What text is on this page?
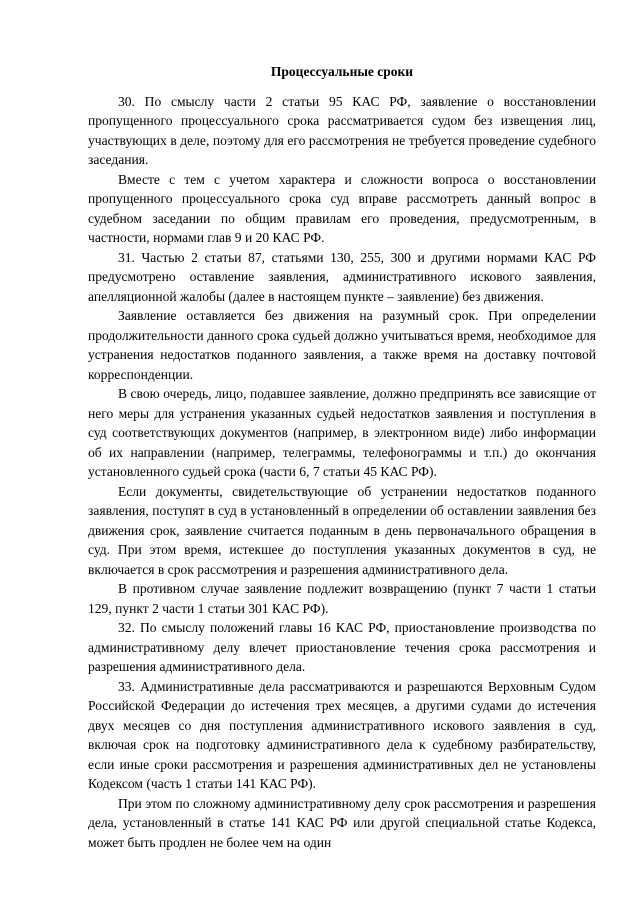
Процессуальные сроки

30. По смыслу части 2 статьи 95 КАС РФ, заявление о восстановлении пропущенного процессуального срока рассматривается судом без извещения лиц, участвующих в деле, поэтому для его рассмотрения не требуется проведение судебного заседания.

Вместе с тем с учетом характера и сложности вопроса о восстановлении пропущенного процессуального срока суд вправе рассмотреть данный вопрос в судебном заседании по общим правилам его проведения, предусмотренным, в частности, нормами глав 9 и 20 КАС РФ.

31. Частью 2 статьи 87, статьями 130, 255, 300 и другими нормами КАС РФ предусмотрено оставление заявления, административного искового заявления, апелляционной жалобы (далее в настоящем пункте – заявление) без движения.

Заявление оставляется без движения на разумный срок. При определении продолжительности данного срока судьей должно учитываться время, необходимое для устранения недостатков поданного заявления, а также время на доставку почтовой корреспонденции.

В свою очередь, лицо, подавшее заявление, должно предпринять все зависящие от него меры для устранения указанных судьей недостатков заявления и поступления в суд соответствующих документов (например, в электронном виде) либо информации об их направлении (например, телеграммы, телефонограммы и т.п.) до окончания установленного судьей срока (части 6, 7 статьи 45 КАС РФ).

Если документы, свидетельствующие об устранении недостатков поданного заявления, поступят в суд в установленный в определении об оставлении заявления без движения срок, заявление считается поданным в день первоначального обращения в суд. При этом время, истекшее до поступления указанных документов в суд, не включается в срок рассмотрения и разрешения административного дела.

В противном случае заявление подлежит возвращению (пункт 7 части 1 статьи 129, пункт 2 части 1 статьи 301 КАС РФ).

32. По смыслу положений главы 16 КАС РФ, приостановление производства по административному делу влечет приостановление течения срока рассмотрения и разрешения административного дела.

33. Административные дела рассматриваются и разрешаются Верховным Судом Российской Федерации до истечения трех месяцев, а другими судами до истечения двух месяцев со дня поступления административного искового заявления в суд, включая срок на подготовку административного дела к судебному разбирательству, если иные сроки рассмотрения и разрешения административных дел не установлены Кодексом (часть 1 статьи 141 КАС РФ).

При этом по сложному административному делу срок рассмотрения и разрешения дела, установленный в статье 141 КАС РФ или другой специальной статье Кодекса, может быть продлен не более чем на один
